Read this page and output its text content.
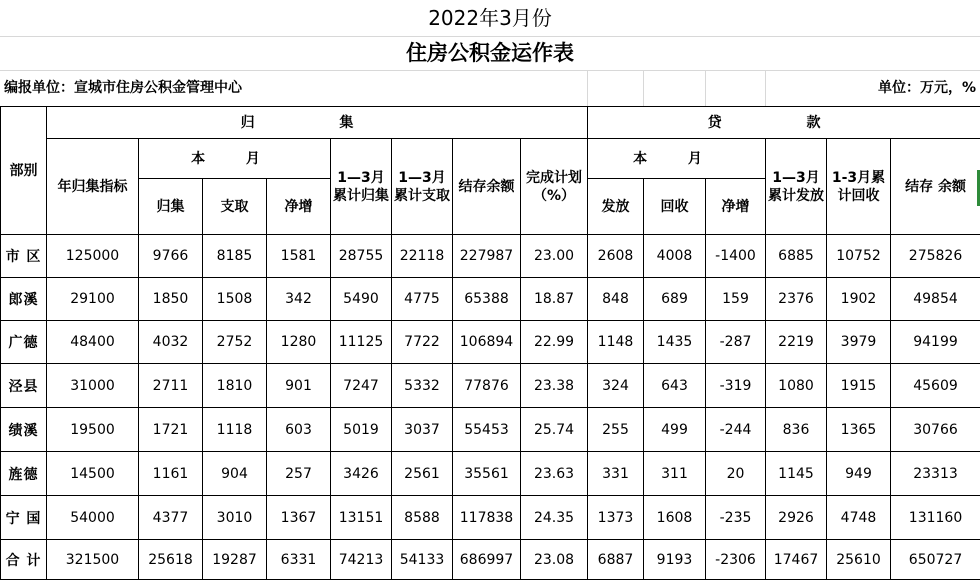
2022年3月份
住房公积金运作表
编报单位：宣城市住房公积金管理中心	单位：万元，%
部别	归 集								贷 款					
	年归集指标	本 月			1—3月累计归集	1—3月累计支取	结存余额	完成计划（%）	本 月			1—3月累计发放	1-3月累计回收	结存 余额
		归集	支取	净增					发放	回收	净增			
市 区	125000	9766	8185	1581	28755	22118	227987	23.00	2608	4008	-1400	6885	10752	275826
郎溪	29100	1850	1508	342	5490	4775	65388	18.87	848	689	159	2376	1902	49854
广德	48400	4032	2752	1280	11125	7722	106894	22.99	1148	1435	-287	2219	3979	94199
泾县	31000	2711	1810	901	7247	5332	77876	23.38	324	643	-319	1080	1915	45609
绩溪	19500	1721	1118	603	5019	3037	55453	25.74	255	499	-244	836	1365	30766
旌德	14500	1161	904	257	3426	2561	35561	23.63	331	311	20	1145	949	23313
宁 国	54000	4377	3010	1367	13151	8588	117838	24.35	1373	1608	-235	2926	4748	131160
合 计	321500	25618	19287	6331	74213	54133	686997	23.08	6887	9193	-2306	17467	25610	650727
